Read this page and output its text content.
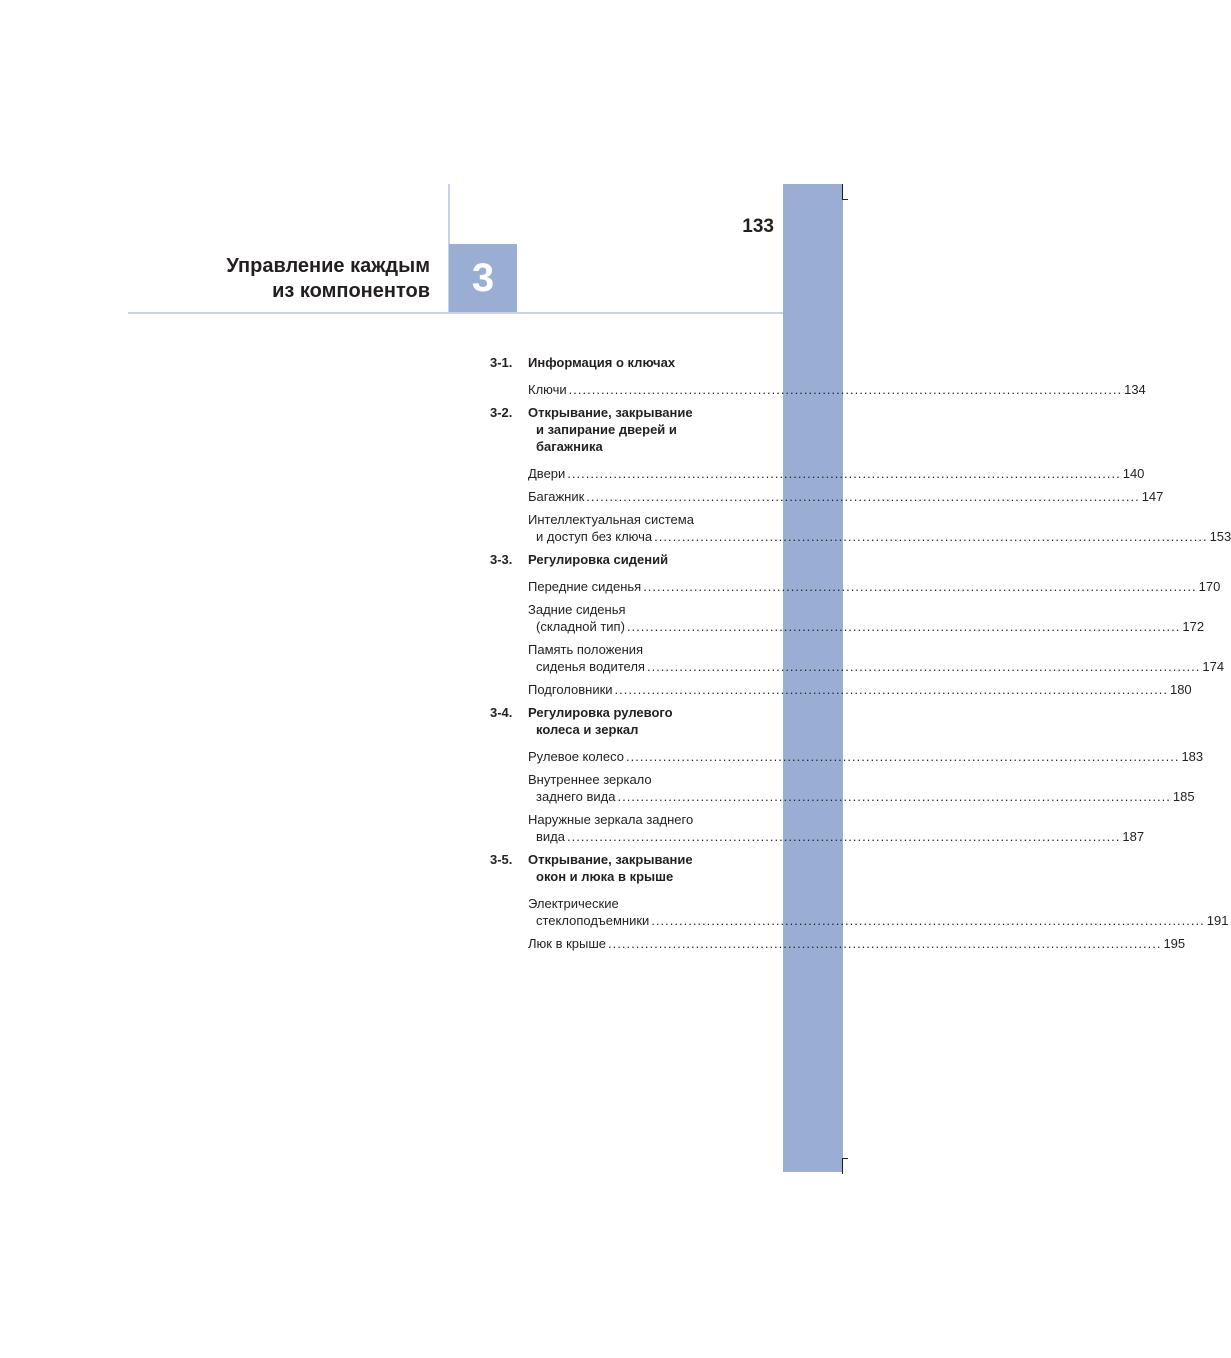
Управление каждым
из компонентов	3
133
3-1. Информация о ключах
Ключи ........................................................................................................................ 134
3-2. Открывание, закрывание
и запирание дверей и
багажника
Двери ........................................................................................................................ 140
Багажник ........................................................................................................................ 147
Интеллектуальная система
и доступ без ключа ........................................................................................................................ 153
3-3. Регулировка сидений
Передние сиденья ........................................................................................................................ 170
Задние сиденья
(складной тип) ........................................................................................................................ 172
Память положения
сиденья водителя ........................................................................................................................ 174
Подголовники ........................................................................................................................ 180
3-4. Регулировка рулевого
колеса и зеркал
Рулевое колесо ........................................................................................................................ 183
Внутреннее зеркало
заднего вида ........................................................................................................................ 185
Наружные зеркала заднего
вида ........................................................................................................................ 187
3-5. Открывание, закрывание
окон и люка в крыше
Электрические
стеклоподъемники ........................................................................................................................ 191
Люк в крыше ........................................................................................................................ 195
